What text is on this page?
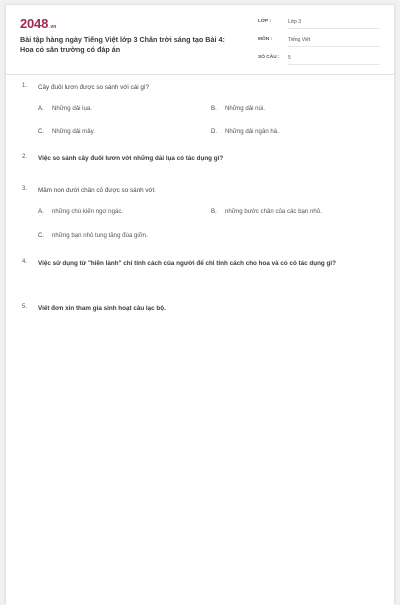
2048.vn
Bài tập hàng ngày Tiếng Việt lớp 3 Chân trời sáng tạo Bài 4: Hoa cỏ sân trường có đáp án
LỚP :	Lớp 3
MÔN :	Tiếng Việt
SỐ CÂU : 5
1. Cây đuôi lươn được so sánh với cái gì?
A. Những dải lụa.	B. Những dải núi.
C. Những dải mây.	D. Những dải ngân hà.
2. Việc so sánh cây đuôi lươn với những dải lụa có tác dụng gì?
3. Mầm non dưới chân cỏ được so sánh với:
A. những chú kiến ngơ ngác.	B. những bước chân của các bạn nhỏ.
C. những bạn nhỏ tung tăng đùa giỡn.
4. Việc sử dụng từ "hiền lành" chỉ tính cách của người để chỉ tính cách cho hoa và cỏ có tác dụng gì?
5. Viết đơn xin tham gia sinh hoạt câu lạc bộ.
